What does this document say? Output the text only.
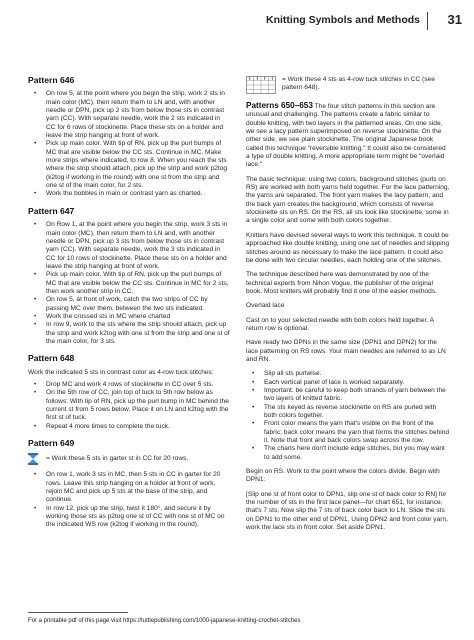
Knitting Symbols and Methods	31
Pattern 646
• On row 5, at the point where you begin the strip, work 2 sts in main color (MC), then return them to LN and, with another needle or DPN, pick up 2 sts from below those sts in contrast yarn (CC). With separate needle, work the 2 sts indicated in CC for 6 rows of stockinette. Place these sts on a holder and leave the strip hanging at front of work.
• Pick up main color. With tip of RN, pick up the purl bumps of MC that are visible below the CC sts. Continue in MC. Make more strips where indicated, to row 8. When you reach the sts where the strip should attach, pick up the strip and work p2tog (k2tog if working in the round) with one st from the strip and one st of the main color, for 2 sts.
• Work the bobbles in main or contrast yarn as charted.
Pattern 647
• On Row 1, at the point where you begin the strip, work 3 sts in main color (MC), then return them to LN and, with another needle or DPN, pick up 3 sts from below those sts in contrast yarn (CC). With separate needle, work the 3 sts indicated in CC for 10 rows of stockinette. Place these sts on a holder and leave the strip hanging at front of work.
• Pick up main color. With tip of RN, pick up the purl bumps of MC that are visible below the CC sts. Continue in MC for 2 sts, then work another strip in CC.
• On row 5, at front of work, catch the two strips of CC by passing MC over them, between the two sts indicated.
• Work the crossed sts in MC where charted
• In row 9, work to the sts where the strip should attach, pick up the strip and work k2tog with one st from the strip and one st of the main color, for 3 sts.
Pattern 648

Work the indicated 5 sts in contrast color as 4-row tuck stitches:

• Drop MC and work 4 rows of stockinette in CC over 5 sts.
• On the 5th row of CC, join top of tuck to 5th row below as follows: With tip of RN, pick up the purl bump in MC behind the current st from 5 rows below. Place it on LN and k2tog with the first st of tuck.
• Repeat 4 more times to complete the tuck.
Pattern 649
= Work these 5 sts in garter st in CC for 20 rows.
• On row 1, work 3 sts in MC, then 5 sts in CC in garter for 20 rows. Leave this strip hanging on a holder at front of work, rejoin MC and pick up 5 sts at the base of the strip, and continue.
• In row 12, pick up the strip, twist it 180°, and secure it by working those sts as p2tog one st of CC with one st of MC on the indicated WS row (k2tog if working in the round).
= Work these 4 sts as 4-row tuck stitches in CC (see pattern 648).

Patterns 650–653 The four stitch patterns in this section are unusual and challenging. The patterns create a fabric similar to double knitting, with two layers in the patterned areas. On one side, we see a lacy pattern superimposed on reverse stockinette. On the other side, we see plain stockinette. The original Japanese book called this technique "reversible knitting." It could also be considered a type of double knitting. A more appropriate term might be "overlaid lace."

The basic technique: using two colors, background stitches (purls on RS) are worked with both yarns held together. For the lace patterning, the yarns are separated. The front yarn makes the lacy pattern, and the back yarn creates the background, which consists of reverse stockinette sts on RS. On the RS, all sts look like stockinette, some in a single color and some with both colors together.

Knitters have devised several ways to work this technique. It could be approached like double knitting, using one set of needles and slipping stitches around as necessary to make the lace pattern. It could also be done with two circular needles, each holding one of the stitches.

The technique described here was demonstrated by one of the technical experts from Nihon Vogue, the publisher of the original book. Most knitters will probably find it one of the easier methods.

Overlaid lace

Cast on to your selected needle with both colors held together. A return row is optional.

Have ready two DPNs in the same size (DPN1 and DPN2) for the lace patterning on RS rows. Your main needles are referred to as LN and RN.

• Slip all sts purlwise.
• Each vertical panel of lace is worked separately.
• Important: be careful to keep both strands of yarn between the two layers of knitted fabric.
• The sts keyed as reverse stockinette on RS are purled with both colors together.
• Front color means the yarn that's visible on the front of the fabric; back color means the yarn that forms the stitches behind it. Note that front and back colors swap across the row.
• The charts here don't include edge stitches, but you may want to add some.

Begin on RS. Work to the point where the colors divide. Begin with DPN1:

[Slip one st of front color to DPN1, slip one st of back color to RN] for the number of sts in the first lace panel—for chart 651, for instance, that's 7 sts. Now slip the 7 sts of back color back to LN. Slide the sts on DPN1 to the other end of DPN1. Using DPN2 and front color yarn, work the lace sts in front color. Set aside DPN1.

For a printable pdf of this page visit https://tuttlepublishing.com/1000-japanese-knitting-crochet-stitches
